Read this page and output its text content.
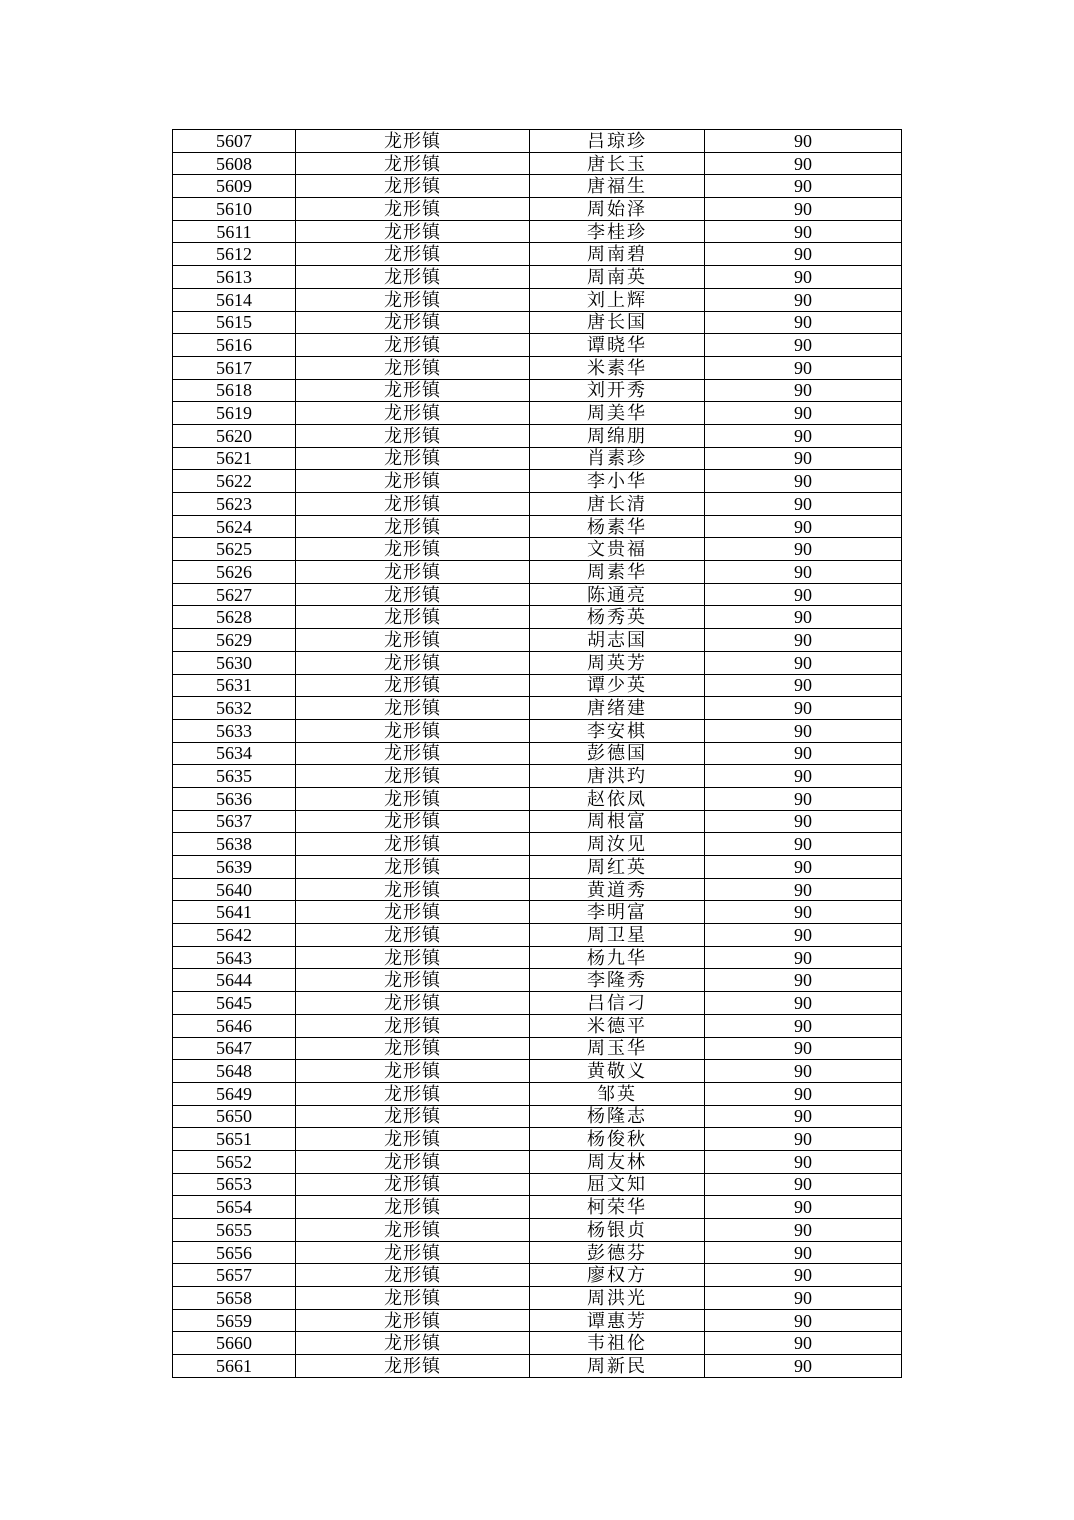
5607	龙形镇	吕琼珍	90
5608	龙形镇	唐长玉	90
5609	龙形镇	唐福生	90
5610	龙形镇	周始泽	90
5611	龙形镇	李桂珍	90
5612	龙形镇	周南碧	90
5613	龙形镇	周南英	90
5614	龙形镇	刘上辉	90
5615	龙形镇	唐长国	90
5616	龙形镇	谭晓华	90
5617	龙形镇	米素华	90
5618	龙形镇	刘开秀	90
5619	龙形镇	周美华	90
5620	龙形镇	周绵朋	90
5621	龙形镇	肖素珍	90
5622	龙形镇	李小华	90
5623	龙形镇	唐长清	90
5624	龙形镇	杨素华	90
5625	龙形镇	文贵福	90
5626	龙形镇	周素华	90
5627	龙形镇	陈通亮	90
5628	龙形镇	杨秀英	90
5629	龙形镇	胡志国	90
5630	龙形镇	周英芳	90
5631	龙形镇	谭少英	90
5632	龙形镇	唐绪建	90
5633	龙形镇	李安棋	90
5634	龙形镇	彭德国	90
5635	龙形镇	唐洪玓	90
5636	龙形镇	赵依凤	90
5637	龙形镇	周根富	90
5638	龙形镇	周汝见	90
5639	龙形镇	周红英	90
5640	龙形镇	黄道秀	90
5641	龙形镇	李明富	90
5642	龙形镇	周卫星	90
5643	龙形镇	杨九华	90
5644	龙形镇	李隆秀	90
5645	龙形镇	吕信刁	90
5646	龙形镇	米德平	90
5647	龙形镇	周玉华	90
5648	龙形镇	黄敬义	90
5649	龙形镇	邹英	90
5650	龙形镇	杨隆志	90
5651	龙形镇	杨俊秋	90
5652	龙形镇	周友林	90
5653	龙形镇	屈文知	90
5654	龙形镇	柯荣华	90
5655	龙形镇	杨银贞	90
5656	龙形镇	彭德芬	90
5657	龙形镇	廖权方	90
5658	龙形镇	周洪光	90
5659	龙形镇	谭惠芳	90
5660	龙形镇	韦祖伦	90
5661	龙形镇	周新民	90
